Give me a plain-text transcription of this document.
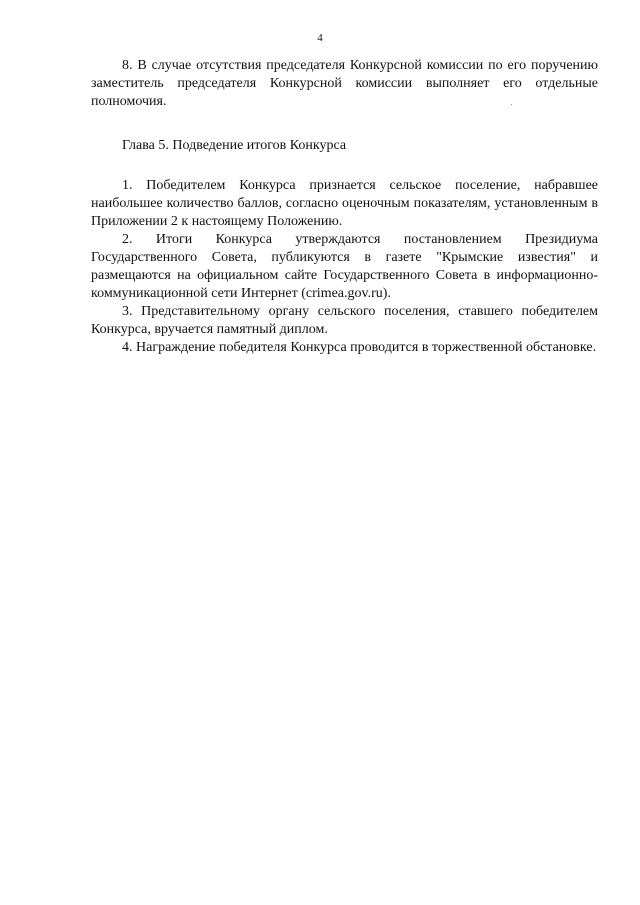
4

8. В случае отсутствия председателя Конкурсной комиссии по его поручению заместитель председателя Конкурсной комиссии выполняет его отдельные полномочия.

Глава 5. Подведение итогов Конкурса

1. Победителем Конкурса признается сельское поселение, набравшее наибольшее количество баллов, согласно оценочным показателям, установленным в Приложении 2 к настоящему Положению.

2. Итоги Конкурса утверждаются постановлением Президиума Государственного Совета, публикуются в газете "Крымские известия" и размещаются на официальном сайте Государственного Совета в информационно-коммуникационной сети Интернет (crimea.gov.ru).

3. Представительному органу сельского поселения, ставшего победителем Конкурса, вручается памятный диплом.

4. Награждение победителя Конкурса проводится в торжественной обстановке.
